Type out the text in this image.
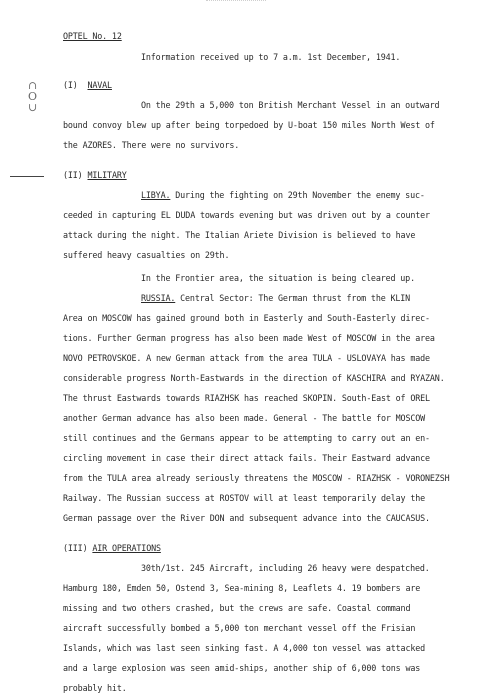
∩
O
∪
OPTEL No. 12
Information received up to 7 a.m. 1st December, 1941.
(I) NAVAL
On the 29th a 5,000 ton British Merchant Vessel in an outward
bound convoy blew up after being torpedoed by U-boat 150 miles North West of
the AZORES. There were no survivors.
(II) MILITARY
LIBYA. During the fighting on 29th November the enemy suc-
ceeded in capturing EL DUDA towards evening but was driven out by a counter
attack during the night. The Italian Ariete Division is believed to have
suffered heavy casualties on 29th.
In the Frontier area, the situation is being cleared up.
RUSSIA. Central Sector: The German thrust from the KLIN
Area on MOSCOW has gained ground both in Easterly and South-Easterly direc-
tions. Further German progress has also been made West of MOSCOW in the area
NOVO PETROVSKOE. A new German attack from the area TULA - USLOVAYA has made
considerable progress North-Eastwards in the direction of KASCHIRA and RYAZAN.
The thrust Eastwards towards RIAZHSK has reached SKOPIN. South-East of OREL
another German advance has also been made. General - The battle for MOSCOW
still continues and the Germans appear to be attempting to carry out an en-
circling movement in case their direct attack fails. Their Eastward advance
from the TULA area already seriously threatens the MOSCOW - RIAZHSK - VORONEZSH
Railway. The Russian success at ROSTOV will at least temporarily delay the
German passage over the River DON and subsequent advance into the CAUCASUS.
(III) AIR OPERATIONS
30th/1st. 245 Aircraft, including 26 heavy were despatched.
Hamburg 180, Emden 50, Ostend 3, Sea-mining 8, Leaflets 4. 19 bombers are
missing and two others crashed, but the crews are safe. Coastal command
aircraft successfully bombed a 5,000 ton merchant vessel off the Frisian
Islands, which was last seen sinking fast. A 4,000 ton vessel was attacked
and a large explosion was seen amid-ships, another ship of 6,000 tons was
probably hit.
